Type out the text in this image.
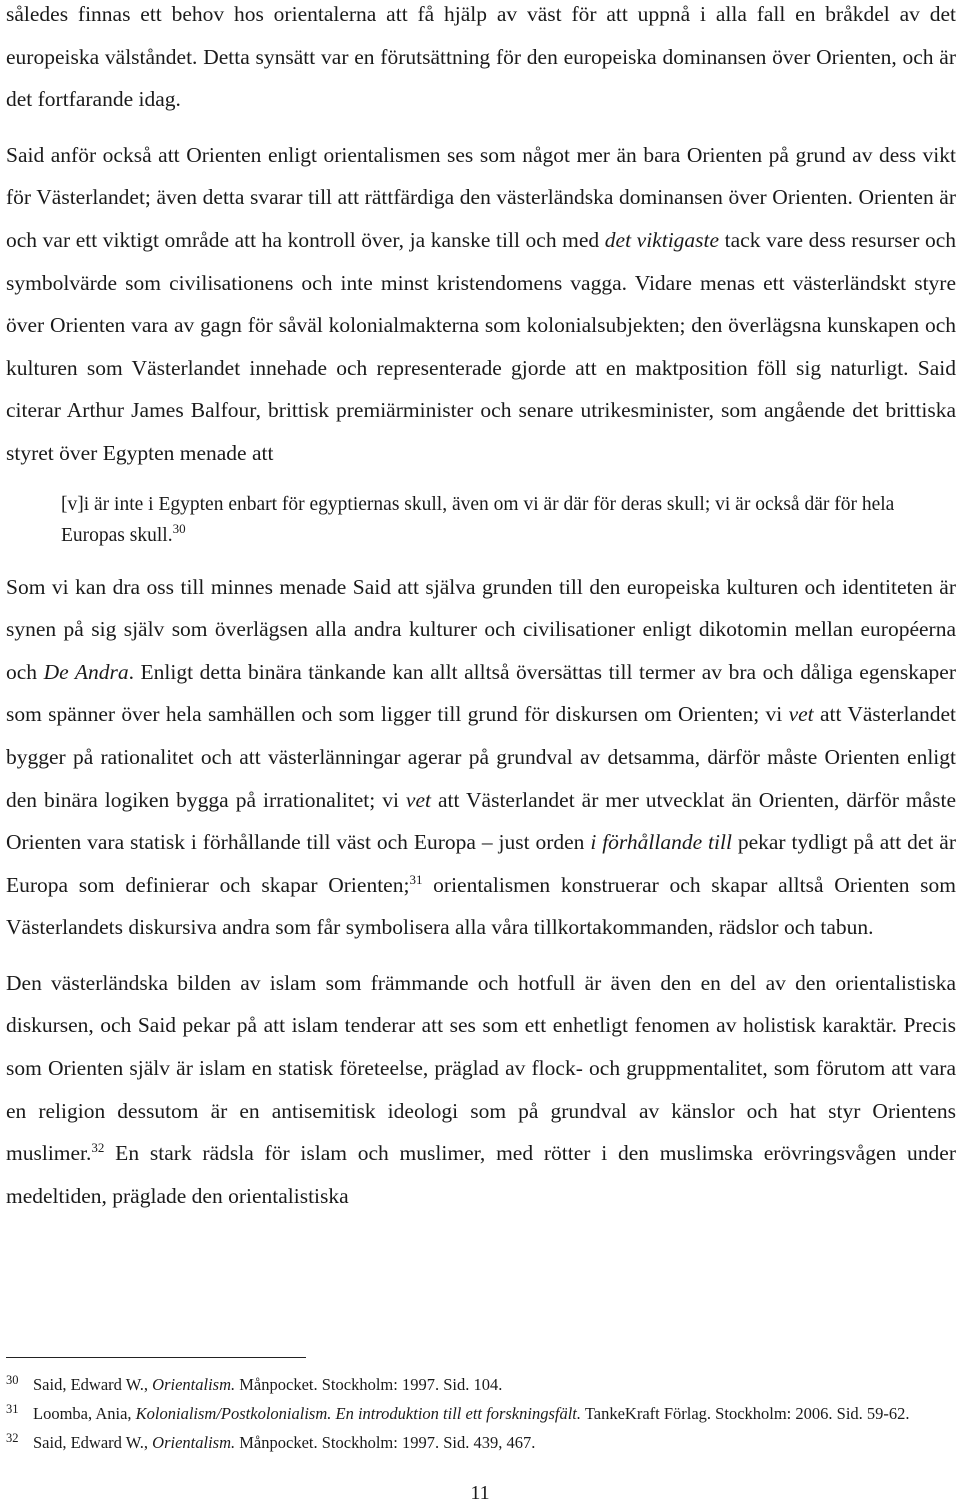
således finnas ett behov hos orientalerna att få hjälp av väst för att uppnå i alla fall en bråkdel av det europeiska välståndet. Detta synsätt var en förutsättning för den europeiska dominansen över Orienten, och är det fortfarande idag.

Said anför också att Orienten enligt orientalismen ses som något mer än bara Orienten på grund av dess vikt för Västerlandet; även detta svarar till att rättfärdiga den västerländska dominansen över Orienten. Orienten är och var ett viktigt område att ha kontroll över, ja kanske till och med det viktigaste tack vare dess resurser och symbolvärde som civilisationens och inte minst kristendomens vagga. Vidare menas ett västerländskt styre över Orienten vara av gagn för såväl kolonialmakterna som kolonialsubjekten; den överlägsna kunskapen och kulturen som Västerlandet innehade och representerade gjorde att en maktposition föll sig naturligt. Said citerar Arthur James Balfour, brittisk premiärminister och senare utrikesminister, som angående det brittiska styret över Egypten menade att

[v]i är inte i Egypten enbart för egyptiernas skull, även om vi är där för deras skull; vi är också där för hela Europas skull.$^{30}$

Som vi kan dra oss till minnes menade Said att själva grunden till den europeiska kulturen och identiteten är synen på sig själv som överlägsen alla andra kulturer och civilisationer enligt dikotomin mellan européerna och De Andra. Enligt detta binära tänkande kan allt alltså översättas till termer av bra och dåliga egenskaper som spänner över hela samhällen och som ligger till grund för diskursen om Orienten; vi vet att Västerlandet bygger på rationalitet och att västerlänningar agerar på grundval av detsamma, därför måste Orienten enligt den binära logiken bygga på irrationalitet; vi vet att Västerlandet är mer utvecklat än Orienten, därför måste Orienten vara statisk i förhållande till väst och Europa – just orden i förhållande till pekar tydligt på att det är Europa som definierar och skapar Orienten;$^{31}$ orientalismen konstruerar och skapar alltså Orienten som Västerlandets diskursiva andra som får symbolisera alla våra tillkortakommanden, rädslor och tabun.

Den västerländska bilden av islam som främmande och hotfull är även den en del av den orientalistiska diskursen, och Said pekar på att islam tenderar att ses som ett enhetligt fenomen av holistisk karaktär. Precis som Orienten själv är islam en statisk företeelse, präglad av flock- och gruppmentalitet, som förutom att vara en religion dessutom är en antisemitisk ideologi som på grundval av känslor och hat styr Orientens muslimer.$^{32}$ En stark rädsla för islam och muslimer, med rötter i den muslimska erövringsvågen under medeltiden, präglade den orientalistiska

30 Said, Edward W., Orientalism. Månpocket. Stockholm: 1997. Sid. 104.
31 Loomba, Ania, Kolonialism/Postkolonialism. En introduktion till ett forskningsfält. TankeKraft Förlag. Stockholm: 2006. Sid. 59-62.
32 Said, Edward W., Orientalism. Månpocket. Stockholm: 1997. Sid. 439, 467.
11
